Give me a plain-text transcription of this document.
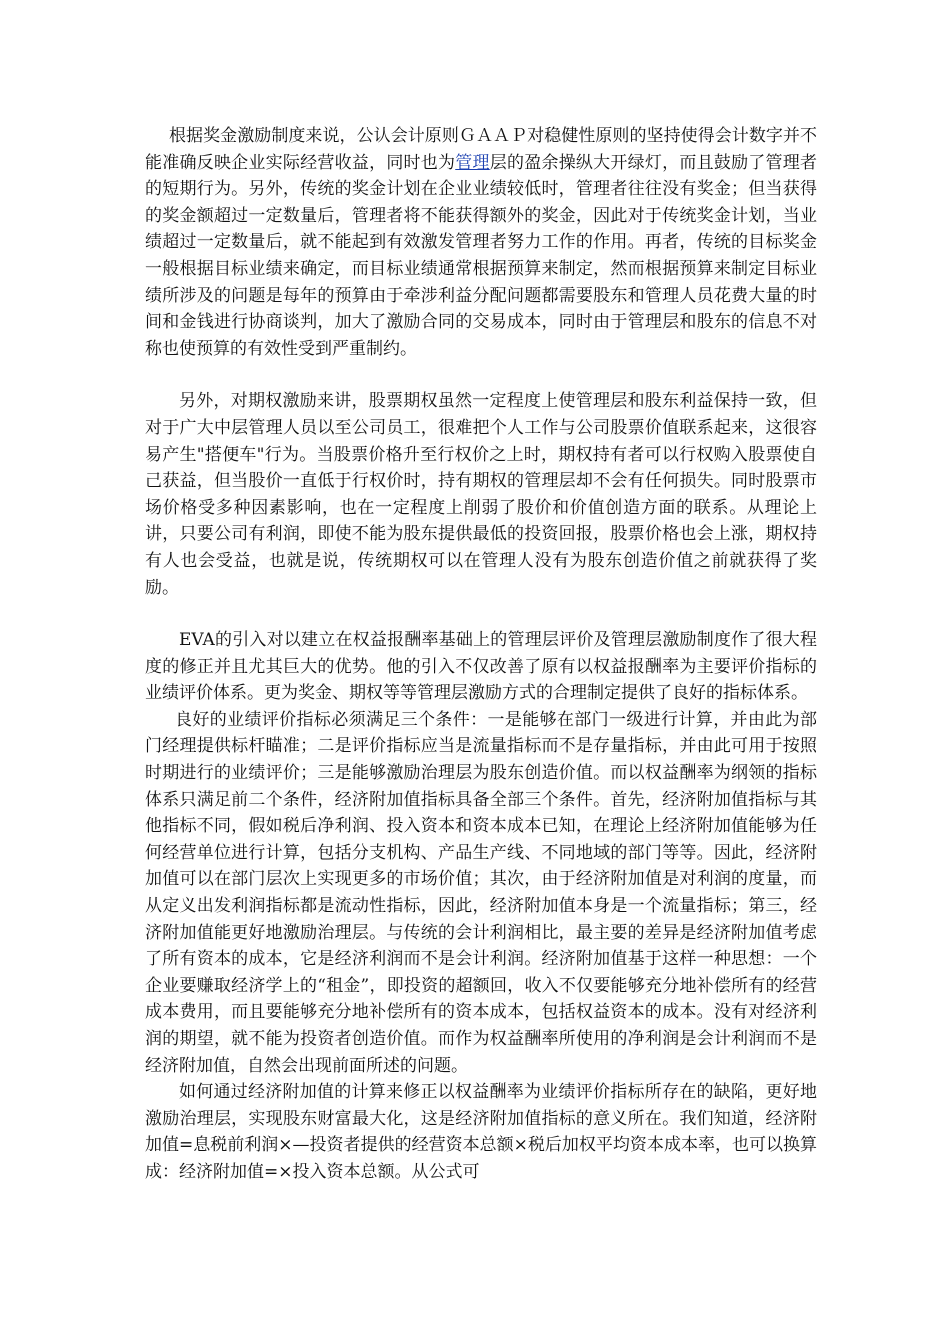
根据奖金激励制度来说，公认会计原则ＧＡＡＰ对稳健性原则的坚持使得会计数字并不能准确反映企业实际经营收益，同时也为管理层的盈余操纵大开绿灯，而且鼓励了管理者的短期行为。另外，传统的奖金计划在企业业绩较低时，管理者往往没有奖金；但当获得的奖金额超过一定数量后，管理者将不能获得额外的奖金，因此对于传统奖金计划，当业绩超过一定数量后，就不能起到有效激发管理者努力工作的作用。再者，传统的目标奖金一般根据目标业绩来确定，而目标业绩通常根据预算来制定，然而根据预算来制定目标业绩所涉及的问题是每年的预算由于牵涉利益分配问题都需要股东和管理人员花费大量的时间和金钱进行协商谈判，加大了激励合同的交易成本，同时由于管理层和股东的信息不对称也使预算的有效性受到严重制约。

另外，对期权激励来讲，股票期权虽然一定程度上使管理层和股东利益保持一致，但对于广大中层管理人员以至公司员工，很难把个人工作与公司股票价值联系起来，这很容易产生"搭便车"行为。当股票价格升至行权价之上时，期权持有者可以行权购入股票使自己获益，但当股价一直低于行权价时，持有期权的管理层却不会有任何损失。同时股票市场价格受多种因素影响，也在一定程度上削弱了股价和价值创造方面的联系。从理论上讲，只要公司有利润，即使不能为股东提供最低的投资回报，股票价格也会上涨，期权持有人也会受益，也就是说，传统期权可以在管理人没有为股东创造价值之前就获得了奖励。

EVA的引入对以建立在权益报酬率基础上的管理层评价及管理层激励制度作了很大程度的修正并且尤其巨大的优势。他的引入不仅改善了原有以权益报酬率为主要评价指标的业绩评价体系。更为奖金、期权等等管理层激励方式的合理制定提供了良好的指标体系。

良好的业绩评价指标必须满足三个条件：一是能够在部门一级进行计算，并由此为部门经理提供标杆瞄准；二是评价指标应当是流量指标而不是存量指标，并由此可用于按照时期进行的业绩评价；三是能够激励治理层为股东创造价值。而以权益酬率为纲领的指标体系只满足前二个条件，经济附加值指标具备全部三个条件。首先，经济附加值指标与其他指标不同，假如税后净利润、投入资本和资本成本已知，在理论上经济附加值能够为任何经营单位进行计算，包括分支机构、产品生产线、不同地域的部门等等。因此，经济附加值可以在部门层次上实现更多的市场价值；其次，由于经济附加值是对利润的度量，而从定义出发利润指标都是流动性指标，因此，经济附加值本身是一个流量指标；第三，经济附加值能更好地激励治理层。与传统的会计利润相比，最主要的差异是经济附加值考虑了所有资本的成本，它是经济利润而不是会计利润。经济附加值基于这样一种思想：一个企业要赚取经济学上的“租金”，即投资的超额回，收入不仅要能够充分地补偿所有的经营成本费用，而且要能够充分地补偿所有的资本成本，包括权益资本的成本。没有对经济利润的期望，就不能为投资者创造价值。而作为权益酬率所使用的净利润是会计利润而不是经济附加值，自然会出现前面所述的问题。

如何通过经济附加值的计算来修正以权益酬率为业绩评价指标所存在的缺陷，更好地激励治理层，实现股东财富最大化，这是经济附加值指标的意义所在。我们知道，经济附加值=息税前利润×—投资者提供的经营资本总额×税后加权平均资本成本率，也可以换算成：经济附加值=×投入资本总额。从公式可
